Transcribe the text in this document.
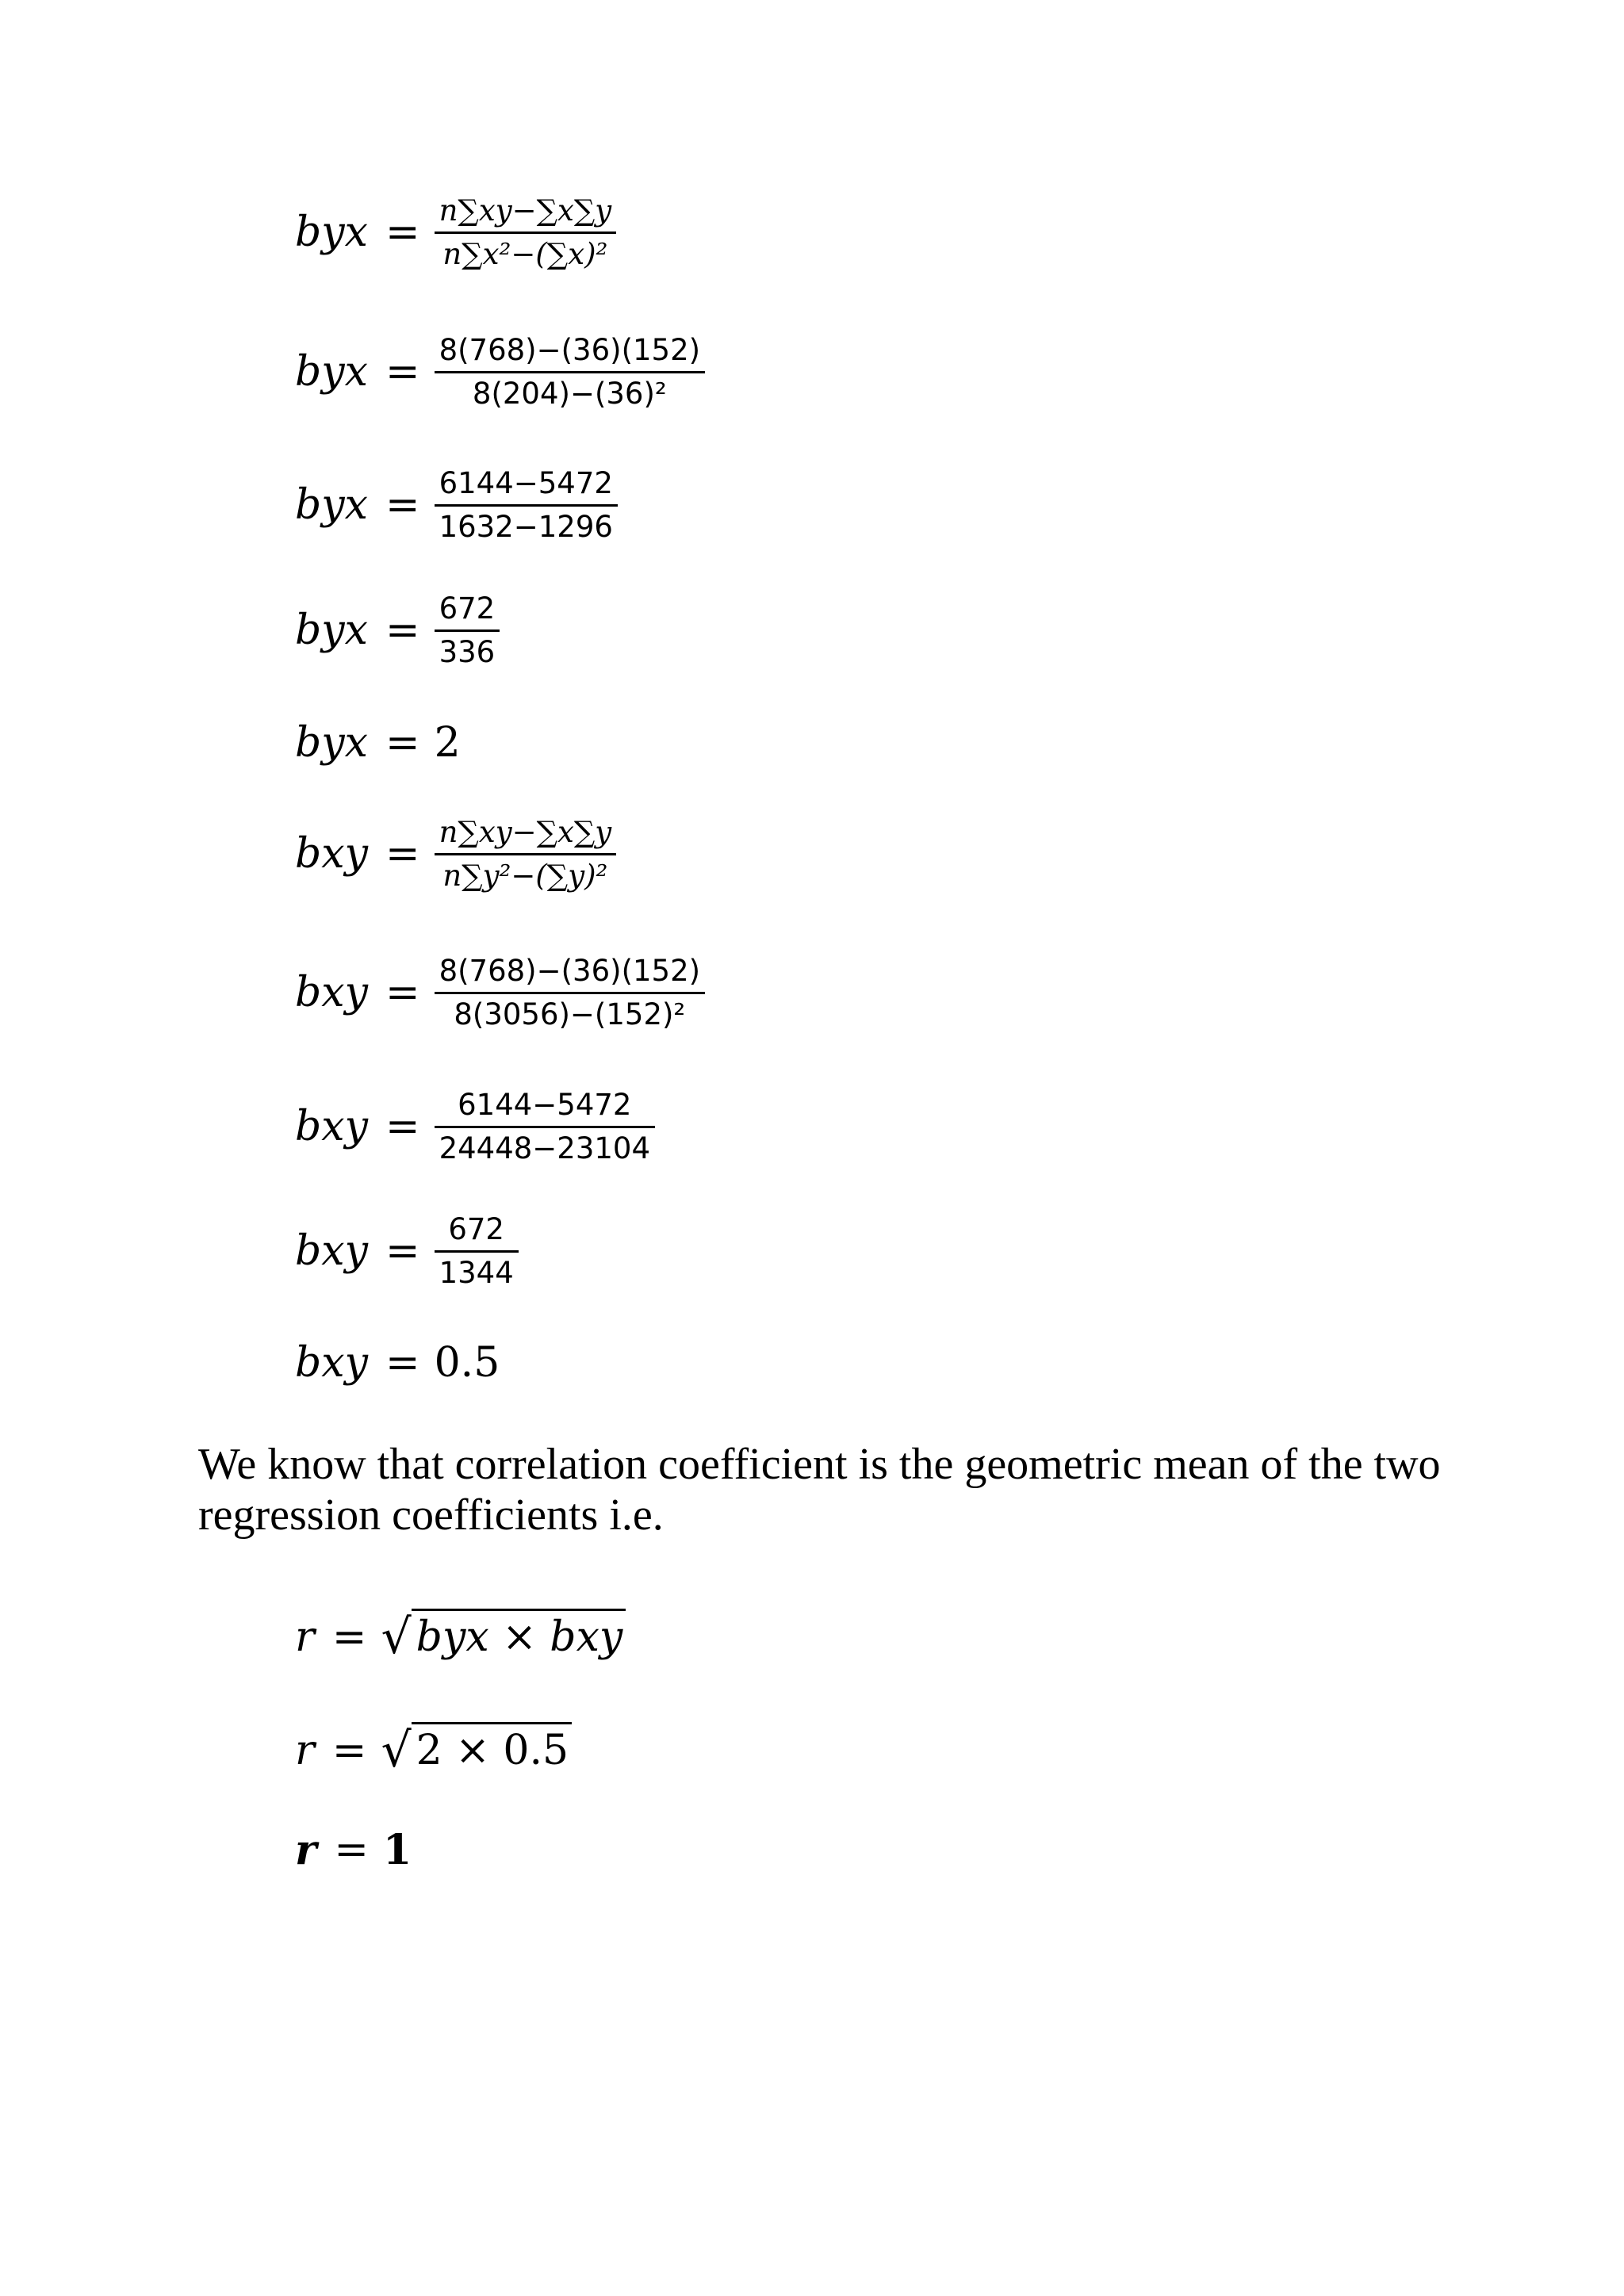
byx = $\frac{n\sum xy-\sum x\sum y}{\text{n∑x²−(∑x)²}}$
byx = $\frac{8(768)-(36)(152)}{\text{8(204)−(36)²}}$
byx = $\frac{6144-5472}{1632-1296}$
byx = $\frac{672}{336}$
byx = 2
bxy = $\frac{n\sum xy-\sum x\sum y}{\text{n∑y²−(∑y)²}}$
bxy = $\frac{8(768)-(36)(152)}{\text{8(3056)−(152)²}}$
bxy = $\frac{6144-5472}{24448-23104}$
bxy = $\frac{672}{1344}$
bxy = 0.5

We know that correlation coefficient is the geometric mean of the two regression coefficients i.e.

r = √ byx × bxy
r = √ 2 × 0.5
r = 1
